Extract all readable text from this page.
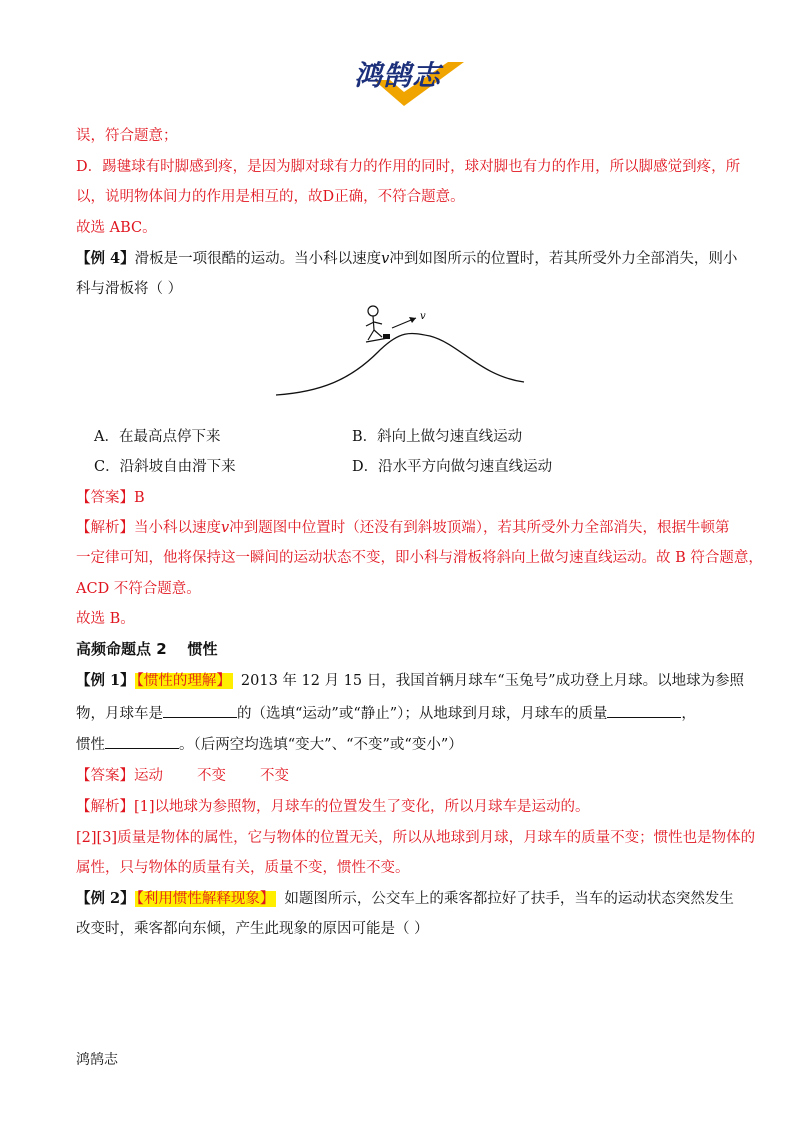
鸿鹄志
误，符合题意；
D．踢毽球有时脚感到疼，是因为脚对球有力的作用的同时，球对脚也有力的作用，所以脚感觉到疼，所
以，说明物体间力的作用是相互的，故D正确，不符合题意。
故选 ABC。
【例 4】滑板是一项很酷的运动。当小科以速度v冲到如图所示的位置时，若其所受外力全部消失，则小
科与滑板将（ ）
v
A．在最高点停下来	B．斜向上做匀速直线运动
C．沿斜坡自由滑下来	D．沿水平方向做匀速直线运动
【答案】B
【解析】当小科以速度v冲到题图中位置时（还没有到斜坡顶端），若其所受外力全部消失，根据牛顿第
一定律可知，他将保持这一瞬间的运动状态不变，即小科与滑板将斜向上做匀速直线运动。故 B 符合题意，
ACD 不符合题意。
故选 B。
高频命题点 2    惯性
【例 1】 【惯性的理解】 2013 年 12 月 15 日，我国首辆月球车“玉兔号”成功登上月球。以地球为参照
物，月球车是	的（选填“运动”或“静止”）；从地球到月球，月球车的质量	，
惯性	。（后两空均选填“变大”、“不变”或“变小”）
【答案】运动 不变 不变
【解析】[1]以地球为参照物，月球车的位置发生了变化，所以月球车是运动的。
[2][3]质量是物体的属性，它与物体的位置无关，所以从地球到月球，月球车的质量不变；惯性也是物体的
属性，只与物体的质量有关，质量不变，惯性不变。
【例 2】 【利用惯性解释现象】 如题图所示，公交车上的乘客都拉好了扶手，当车的运动状态突然发生
改变时，乘客都向东倾，产生此现象的原因可能是（ ）
鸿鹄志
